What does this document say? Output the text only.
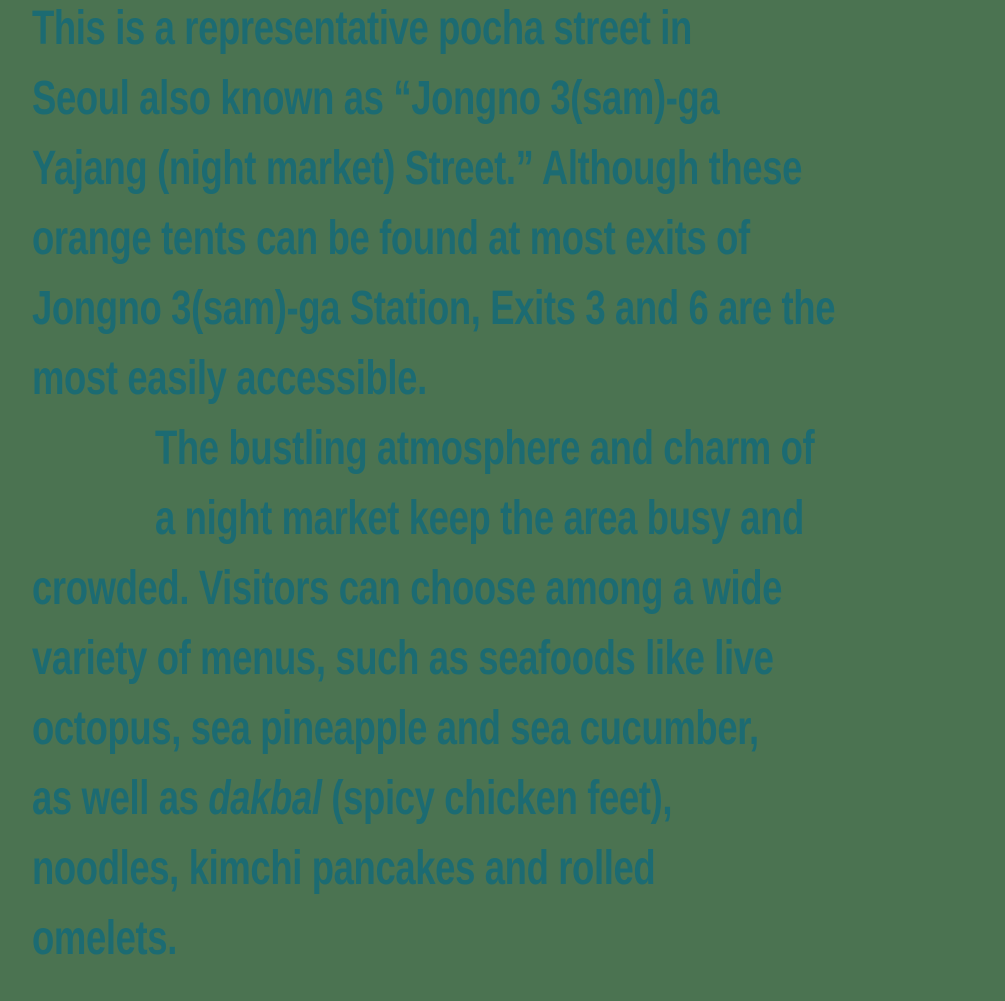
This is a representative pocha street in
Seoul also known as “Jongno 3(sam)-ga
Yajang (night market) Street.” Although these
orange tents can be found at most exits of
Jongno 3(sam)-ga Station, Exits 3 and 6 are the
most easily accessible.
The bustling atmosphere and charm of
a night market keep the area busy and
crowded. Visitors can choose among a wide
variety of menus, such as seafoods like live
octopus, sea pineapple and sea cucumber,
as well as dakbal (spicy chicken feet),
noodles, kimchi pancakes and rolled
omelets.
